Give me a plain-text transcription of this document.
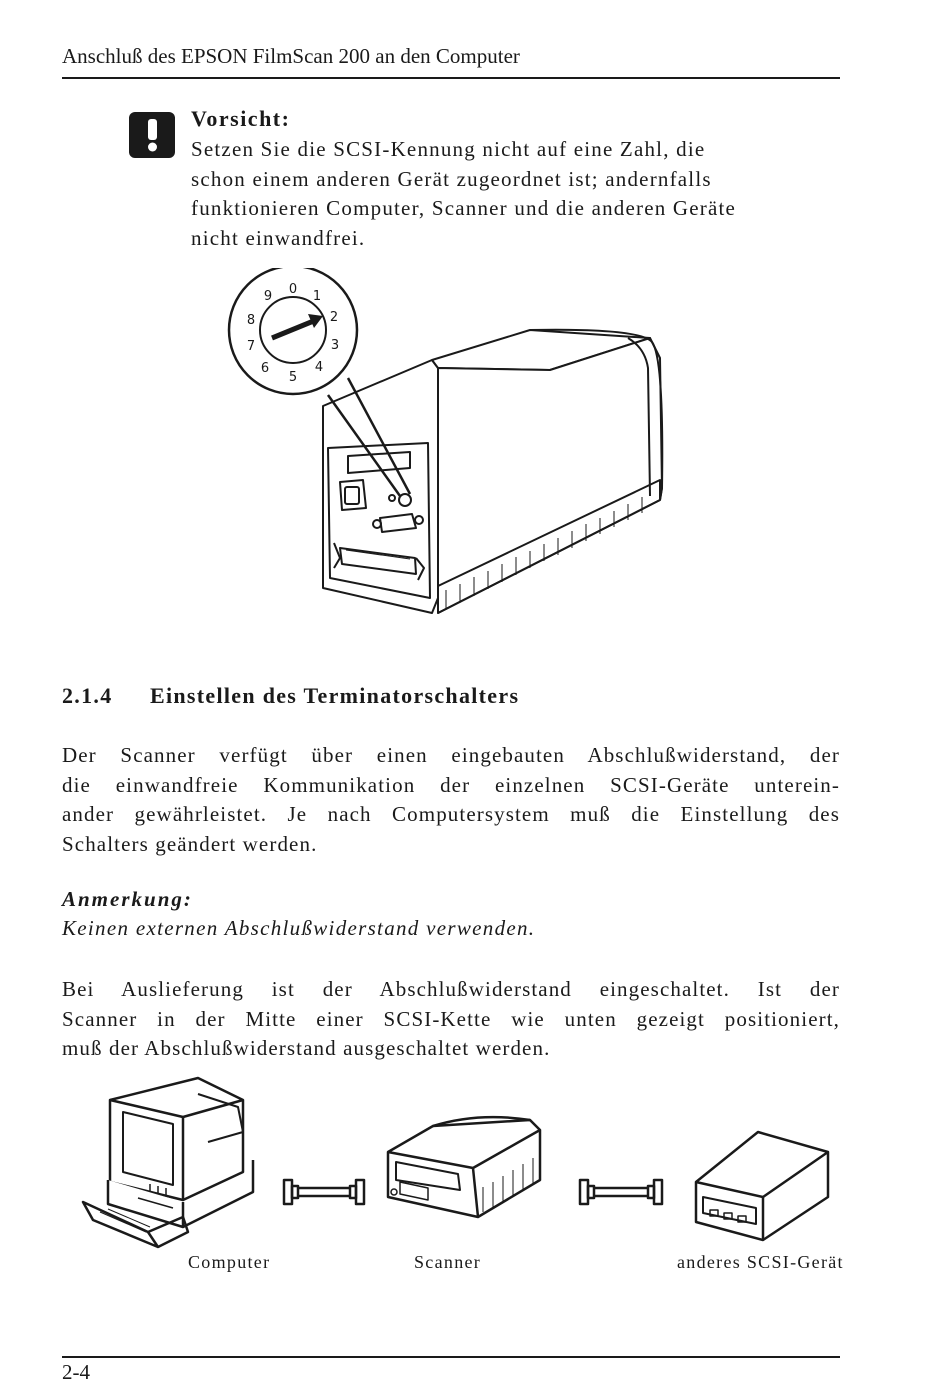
Anschluß des EPSON FilmScan 200 an den Computer
Vorsicht:
Setzen Sie die SCSI-Kennung nicht auf eine Zahl, die
schon einem anderen Gerät zugeordnet ist; andernfalls
funktionieren Computer, Scanner und die anderen Geräte
nicht einwandfrei.
0 1
2
3
4
5
6
7
8
9
2.1.4 Einstellen des Terminatorschalters
Der Scanner verfügt über einen eingebauten Abschlußwiderstand, der
die einwandfreie Kommunikation der einzelnen SCSI-Geräte unterein-
ander gewährleistet. Je nach Computersystem muß die Einstellung des
Schalters geändert werden.
Anmerkung:
Keinen externen Abschlußwiderstand verwenden.
Bei Auslieferung ist der Abschlußwiderstand eingeschaltet. Ist der
Scanner in der Mitte einer SCSI-Kette wie unten gezeigt positioniert,
muß der Abschlußwiderstand ausgeschaltet werden.
Computer	Scanner	anderes SCSI-Gerät
2-4
